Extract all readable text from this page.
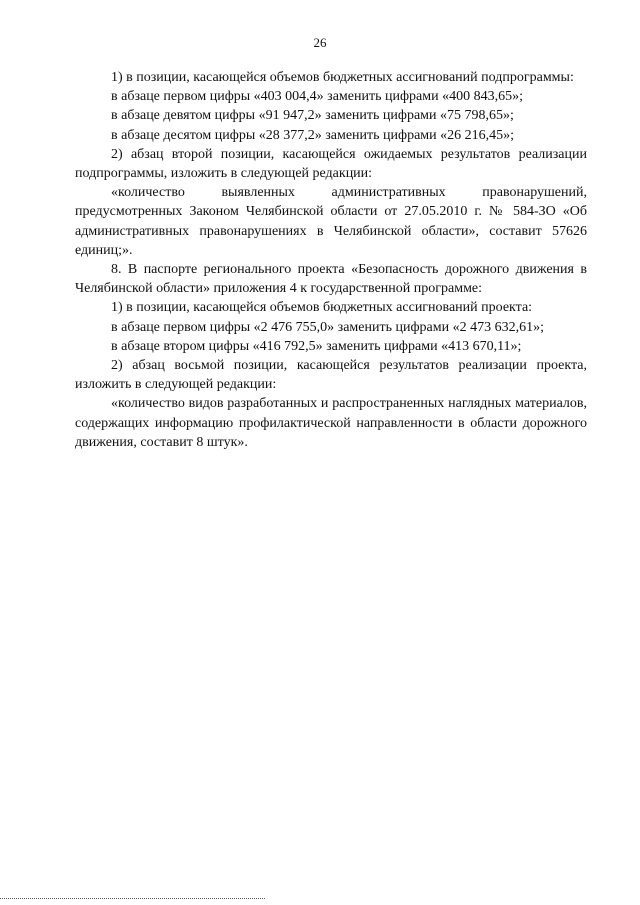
26

1) в позиции, касающейся объемов бюджетных ассигнований подпрограммы:

в абзаце первом цифры «403 004,4» заменить цифрами «400 843,65»;

в абзаце девятом цифры «91 947,2» заменить цифрами «75 798,65»;

в абзаце десятом цифры «28 377,2» заменить цифрами «26 216,45»;

2) абзац второй позиции, касающейся ожидаемых результатов реализации подпрограммы, изложить в следующей редакции:

«количество выявленных административных правонарушений, предусмотренных Законом Челябинской области от 27.05.2010 г. № 584-ЗО «Об административных правонарушениях в Челябинской области», составит 57626 единиц;».

8. В паспорте регионального проекта «Безопасность дорожного движения в Челябинской области» приложения 4 к государственной программе:

1) в позиции, касающейся объемов бюджетных ассигнований проекта:

в абзаце первом цифры «2 476 755,0» заменить цифрами «2 473 632,61»;

в абзаце втором цифры «416 792,5» заменить цифрами «413 670,11»;

2) абзац восьмой позиции, касающейся результатов реализации проекта, изложить в следующей редакции:

«количество видов разработанных и распространенных наглядных материалов, содержащих информацию профилактической направленности в области дорожного движения, составит 8 штук».
